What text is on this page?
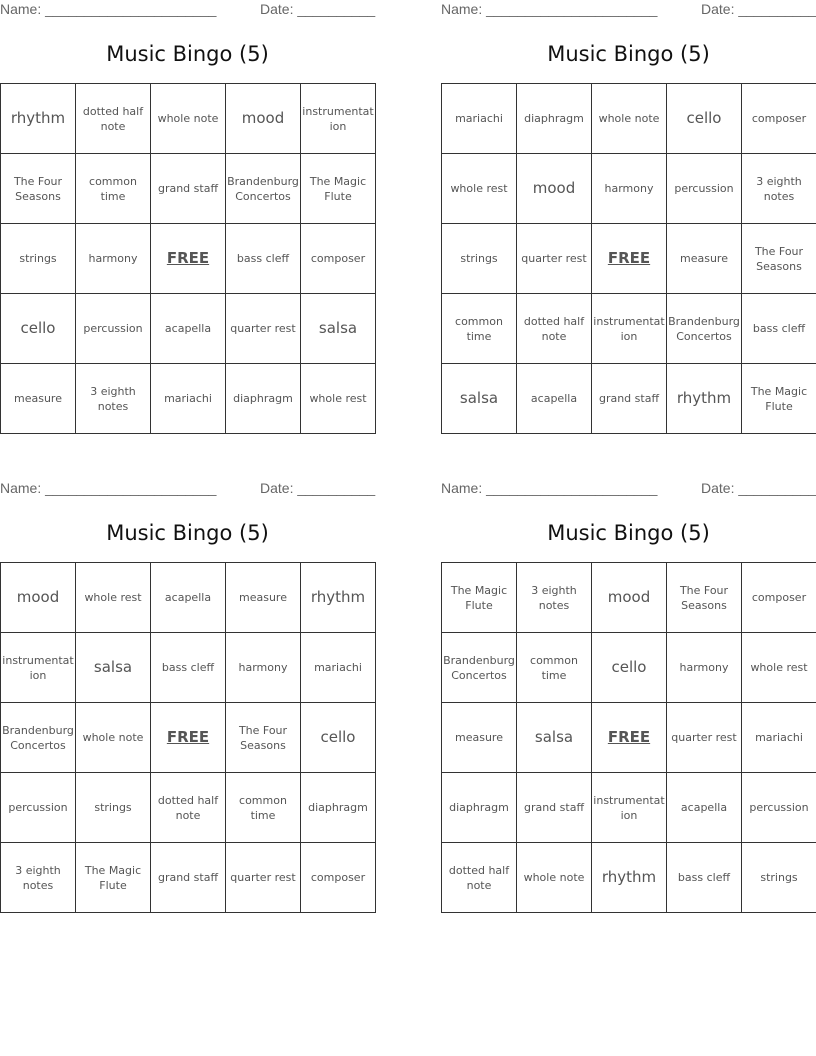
Name: ______________________	Date: __________
Music Bingo (5)
rhythm	dotted half note	whole note	mood	instrumentation
The Four Seasons	common time	grand staff	Brandenburg Concertos	The Magic Flute
strings	harmony	FREE	bass cleff	composer
cello	percussion	acapella	quarter rest	salsa
measure	3 eighth notes	mariachi	diaphragm	whole rest
Name: ______________________	Date: __________
Music Bingo (5)
mariachi	diaphragm	whole note	cello	composer
whole rest	mood	harmony	percussion	3 eighth notes
strings	quarter rest	FREE	measure	The Four Seasons
common time	dotted half note	instrumentation	Brandenburg Concertos	bass cleff
salsa	acapella	grand staff	rhythm	The Magic Flute
Name: ______________________	Date: __________
Music Bingo (5)
mood	whole rest	acapella	measure	rhythm
instrumentation	salsa	bass cleff	harmony	mariachi
Brandenburg Concertos	whole note	FREE	The Four Seasons	cello
percussion	strings	dotted half note	common time	diaphragm
3 eighth notes	The Magic Flute	grand staff	quarter rest	composer
Name: ______________________	Date: __________
Music Bingo (5)
The Magic Flute	3 eighth notes	mood	The Four Seasons	composer
Brandenburg Concertos	common time	cello	harmony	whole rest
measure	salsa	FREE	quarter rest	mariachi
diaphragm	grand staff	instrumentation	acapella	percussion
dotted half note	whole note	rhythm	bass cleff	strings
